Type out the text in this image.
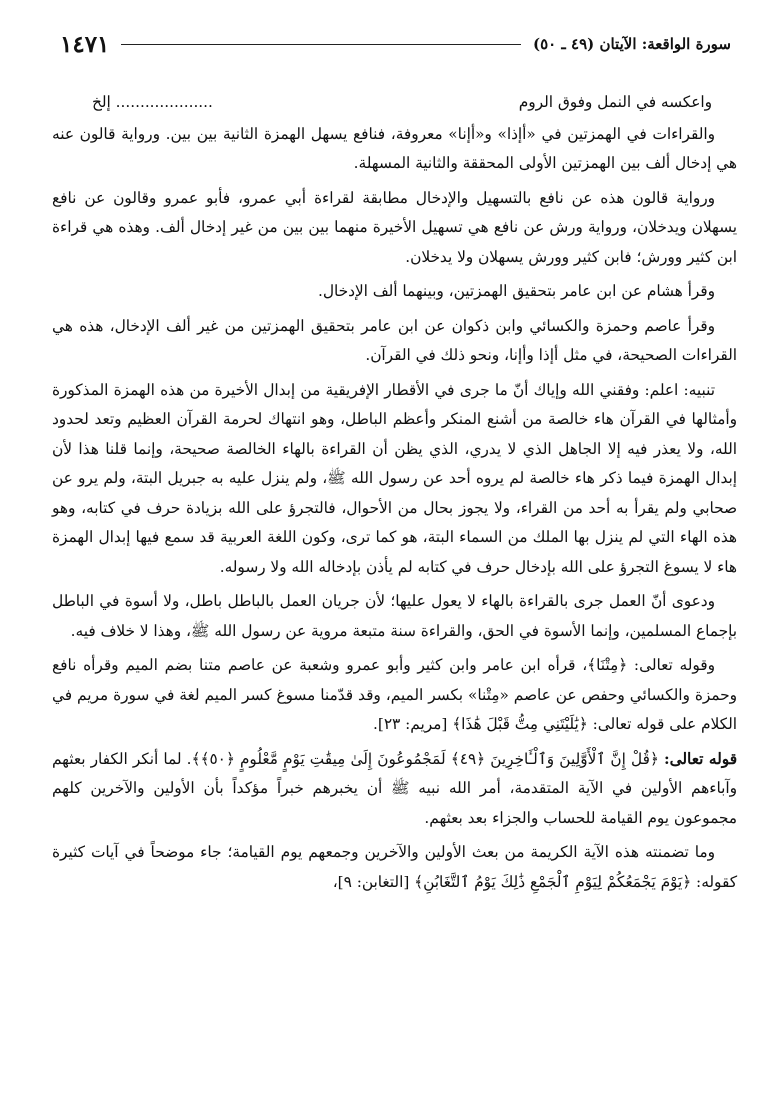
١٤٧١	سورة الواقعة: الآيتان (٤٩ ـ ٥٠)
واعكسه في النمل وفوق الروم
.................... إلخ

والقراءات في الهمزتين في «أإذا» و«أإنا» معروفة، فنافع يسهل الهمزة الثانية بين بين. ورواية قالون عنه هي إدخال ألف بين الهمزتين الأولى المحققة والثانية المسهلة.

ورواية قالون هذه عن نافع بالتسهيل والإدخال مطابقة لقراءة أبي عمرو، فأبو عمرو وقالون عن نافع يسهلان ويدخلان، ورواية ورش عن نافع هي تسهيل الأخيرة منهما بين بين من غير إدخال ألف. وهذه هي قراءة ابن كثير وورش؛ فابن كثير وورش يسهلان ولا يدخلان.

وقرأ هشام عن ابن عامر بتحقيق الهمزتين، وبينهما ألف الإدخال.

وقرأ عاصم وحمزة والكسائي وابن ذكوان عن ابن عامر بتحقيق الهمزتين من غير ألف الإدخال، هذه هي القراءات الصحيحة، في مثل أإذا وأإنا، ونحو ذلك في القرآن.

تنبيه: اعلم: وفقني الله وإياك أنّ ما جرى في الأقطار الإفريقية من إبدال الأخيرة من هذه الهمزة المذكورة وأمثالها في القرآن هاء خالصة من أشنع المنكر وأعظم الباطل، وهو انتهاك لحرمة القرآن العظيم وتعد لحدود الله، ولا يعذر فيه إلا الجاهل الذي لا يدري، الذي يظن أن القراءة بالهاء الخالصة صحيحة، وإنما قلنا هذا لأن إبدال الهمزة فيما ذكر هاء خالصة لم يروه أحد عن رسول الله ﷺ، ولم ينزل عليه به جبريل البتة، ولم يرو عن صحابي ولم يقرأ به أحد من القراء، ولا يجوز بحال من الأحوال، فالتجرؤ على الله بزيادة حرف في كتابه، وهو هذه الهاء التي لم ينزل بها الملك من السماء البتة، هو كما ترى، وكون اللغة العربية قد سمع فيها إبدال الهمزة هاء لا يسوغ التجرؤ على الله بإدخال حرف في كتابه لم يأذن بإدخاله الله ولا رسوله.

ودعوى أنّ العمل جرى بالقراءة بالهاء لا يعول عليها؛ لأن جريان العمل بالباطل باطل، ولا أسوة في الباطل بإجماع المسلمين، وإنما الأسوة في الحق، والقراءة سنة متبعة مروية عن رسول الله ﷺ، وهذا لا خلاف فيه.

وقوله تعالى: ﴿مِتْنَا﴾، قرأه ابن عامر وابن كثير وأبو عمرو وشعبة عن عاصم متنا بضم الميم وقرأه نافع وحمزة والكسائي وحفص عن عاصم «مِتْنا» بكسر الميم، وقد قدّمنا مسوغ كسر الميم لغة في سورة مريم في الكلام على قوله تعالى: ﴿يَٰلَيْتَنِي مِتُّ قَبْلَ هَٰذَا﴾ [مريم: ٢٣].

قوله تعالى: ﴿قُلْ إِنَّ ٱلْأَوَّلِينَ وَٱلْـَٔاخِرِينَ ﴿٤٩﴾ لَمَجْمُوعُونَ إِلَىٰ مِيقَٰتِ يَوْمٍ مَّعْلُومٍ ﴿٥٠﴾﴾. لما أنكر الكفار بعثهم وآباءهم الأولين في الآية المتقدمة، أمر الله نبيه ﷺ أن يخبرهم خبراً مؤكداً بأن الأولين والآخرين كلهم مجموعون يوم القيامة للحساب والجزاء بعد بعثهم.

وما تضمنته هذه الآية الكريمة من بعث الأولين والآخرين وجمعهم يوم القيامة؛ جاء موضحاً في آيات كثيرة كقوله: ﴿يَوْمَ يَجْمَعُكُمْ لِيَوْمِ ٱلْجَمْعِ ذَٰلِكَ يَوْمُ ٱلتَّغَابُنِ﴾ [التغابن: ٩]،
